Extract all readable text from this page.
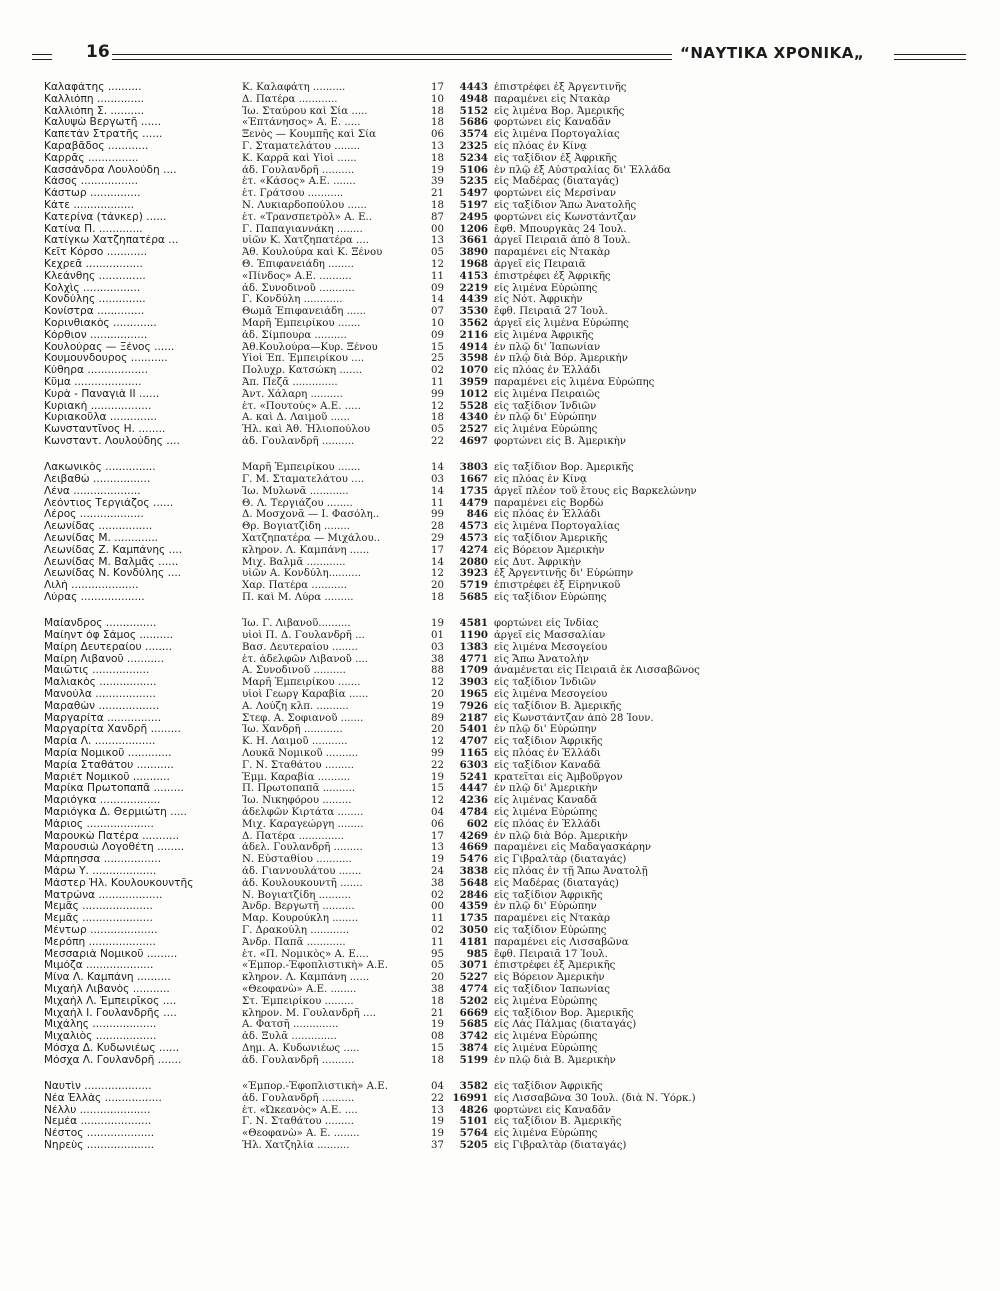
16	“ΝΑΥΤΙΚΑ ΧΡΟΝΙΚΑ„
Καλαφάτης ..........	Κ. Καλαφάτη ..........	17	4443 ἐπιστρέφει ἐξ Ἀργεντινῆς
Καλλιόπη ..............	Δ. Πατέρα ............	10	4948 παραμένει εἰς Ντακὰρ
Καλλιόπη Σ. ..........	Ἰω. Σταύρου καὶ Σία .....	18	5152 εἰς λιμένα Βορ. Ἀμερικῆς
Καλυψὼ Βεργωτῆ ......	«Ἑπτάνησος» Α. Ε. .....	18	5686 φορτώνει εἰς Καναδᾶν
Καπετὰν Στρατῆς ......	Ξενὸς — Κουμπῆς καὶ Σία	06	3574 εἰς λιμένα Πορτογαλίας
Καραβᾶδος ............	Γ. Σταματελάτου ........	13	2325 εἰς πλόας ἐν Κίνᾳ
Καρρᾶς ...............	Κ. Καρρᾶ καὶ Υἱοὶ ......	18	5234 εἰς ταξίδιον ἐξ Ἀφρικῆς
Κασσάνδρα Λουλούδη ....	ἀδ. Γουλανδρῆ ..........	19	5106 ἐν πλῷ ἐξ Αὐστραλίας δι' Ἑλλάδα
Κάσος .................	ἑτ. «Κάσος» Α.Ε. .......	39	5235 εἰς Μαδέρας (διαταγάς)
Κάστωρ ...............	ἑτ. Γράτσου ...........	21	5497 φορτώνει εἰς Μερσίναν
Κάτε ..................	Ν. Λυκιαρδοπούλου ......	18	5197 εἰς ταξίδιον Ἄπω Ἀνατολῆς
Κατερίνα (τάνκερ) ......	ἑτ. «Τρανσπετρὸλ» Α. Ε..	87	2495 φορτώνει εἰς Κωνστάντζαν
Κατίνα Π. .............	Γ. Παπαγιαννάκη ........	00	1206 ἔφθ. Μπουργκὰς 24 Ἰουλ.
Κατίγκω Χατζηπατέρα ...	υἱῶν Κ. Χατζηπατέρα ....	13	3661 ἀργεῖ Πειραιᾶ ἀπὸ 8 Ἰουλ.
Κεῖτ Κόρσο ............	Ἀθ. Κουλούρα καὶ Κ. Ξένου	05	3890 παραμένει εἰς Ντακὰρ
Κεχρεᾶ .................	Θ. Ἐπιφανειάδη ........	12	1968 ἀργεῖ εἰς Πειραιᾶ
Κλεάνθης ..............	«Πίνδος» Α.Ε. ..........	11	4153 ἐπιστρέφει ἐξ Ἀφρικῆς
Κολχὶς .................	ἀδ. Συνοδινοῦ ...........	09	2219 εἰς λιμένα Εὐρώπης
Κονδύλης ..............	Γ. Κονδύλη ............	14	4439 εἰς Νότ. Ἀφρικὴν
Κονίστρα ..............	Θωμᾶ Ἐπιφανειάδη ......	07	3530 ἔφθ. Πειραιᾶ 27 Ἰουλ.
Κορινθιακὸς .............	Μαρῆ Ἐμπειρίκου .......	10	3562 ἀργεῖ εἰς λιμένα Εὐρώπης
Κόρθιον .................	ἀδ. Σίμπουρα ..........	09	2116 εἰς λιμένα Ἀφρικῆς
Κουλούρας — Ξένος ......	Ἀθ.Κουλούρα—Κυρ. Ξένου	15	4914 ἐν πλῷ δι' Ἰαπωνίαν
Κουμουνδουρος ...........	Υἱοὶ Ἐπ. Ἐμπειρίκου ....	25	3598 ἐν πλῷ διὰ Βόρ. Ἀμερικήν
Κύθηρα ..................	Πολυχρ. Κατσώκη .......	02	1070 εἰς πλόας ἐν Ἑλλάδι
Κῦμα ....................	Ἀπ. Πεζᾶ ..............	11	3959 παραμένει εἰς λιμένα Εὐρώπης
Κυρὰ - Παναγιὰ ΙΙ ......	Ἀντ. Χάλαρη ..........	99	1012 εἰς λιμένα Πειραιῶς
Κυριακὴ ..................	ἑτ. «Πουτούς» Α.Ε. .....	12	5528 εἰς ταξίδιον Ἰνδιῶν
Κυριακοῦλα ..............	Α. καὶ Δ. Λαιμοῦ ......	18	4340 ἐν πλῷ δι' Εὐρώπην
Κωνσταντῖνος Η. ........	Ἠλ. καὶ Ἀθ. Ἠλιοπούλου	05	2527 εἰς λιμένα Εὐρώπης
Κωνσταντ. Λουλούδης ....	ἀδ. Γουλανδρῆ ..........	22	4697 φορτώνει εἰς Β. Ἀμερικὴν
Λακωνικὸς ...............	Μαρῆ Ἐμπειρίκου .......	14	3803 εἰς ταξίδιον Βορ. Ἀμερικῆς
Λειβαθὼ .................	Γ. Μ. Σταματελάτου ....	03	1667 εἰς πλόας ἐν Κίνᾳ
Λένα ....................	Ἰω. Μυλωνᾶ ............	14	1735 ἀργεῖ πλέον τοῦ ἔτους εἰς Βαρκελώνην
Λεόντιος Τεργιάζος ......	Θ. Λ. Τεργιάζου ........	11	4479 παραμένει εἰς Βορδὼ
Λέρος ...................	Δ. Μοσχονᾶ — Ι. Φασόλη..	99	846 εἰς πλόας ἐν Ἑλλάδι
Λεωνίδας ................	Θρ. Βογιατζίδη ........	28	4573 εἰς λιμένα Πορτογαλίας
Λεωνίδας Μ. .............	Χατζηπατέρα — Μιχάλου..	29	4573 εἰς ταξίδιον Ἀμερικῆς
Λεωνίδας Ζ. Καμπάνης ....	κληρον. Λ. Καμπάνη ......	17	4274 εἰς Βόρειον Ἀμερικὴν
Λεωνίδας Μ. Βαλμᾶς ......	Μιχ. Βαλμᾶ ............	14	2080 εἰς Δυτ. Ἀφρικὴν
Λεωνίδας Ν. Κονδύλης ....	υἱῶν Α. Κονδύλη..........	12	3923 ἐξ Ἀργεντινῆς δι' Εὐρώπην
Λιλὴ ....................	Χαρ. Πατέρα ...........	20	5719 ἐπιστρέφει ἐξ Εἰρηνικοῦ
Λύρας ...................	Π. καὶ Μ. Λύρα .........	18	5685 εἰς ταξίδιον Εὐρώπης
Μαίανδρος ...............	Ἰω. Γ. Λιβανοῦ..........	19	4581 φορτώνει εἰς Ἰνδίας
Μαίηντ ὀφ Σάμος ..........	υἱοὶ Π. Δ. Γουλανδρῆ ...	01	1190 ἀργεῖ εἰς Μασσαλίαν
Μαίρη Δευτεραίου ........	Βασ. Δευτεραίου ........	03	1383 εἰς λιμένα Μεσογείου
Μαίρη Λιβανοῦ ...........	ἑτ. ἀδελφῶν Λιβανοῦ ....	38	4771 εἰς Ἄπω Ἀνατολὴν
Μαιῶτις .................	Α. Συνοδινοῦ ..........	88	1709 ἀναμένεται εἰς Πειραιᾶ ἐκ Λισσαβῶνος
Μαλιακὸς .................	Μαρῆ Ἐμπειρίκου .......	12	3903 εἰς ταξίδιον Ἰνδιῶν
Μανούλα ..................	υἱοὶ Γεωργ Καραβία ......	20	1965 εἰς λιμένα Μεσογείου
Μαραθὼν ..................	Α. Λούζη κλπ. ..........	19	7926 εἰς ταξίδιον Β. Ἀμερικῆς
Μαργαρίτα ................	Στεφ. Α. Σοφιανοῦ .......	89	2187 εἰς Κωνστάντζαν ἀπὸ 28 Ἰουν.
Μαργαρίτα Χανδρῆ .........	Ἰω. Χανδρῆ ............	20	5401 ἐν πλῷ δι' Εὐρώπην
Μαρία Λ. ..................	Κ. Η. Λαιμοῦ ...........	12	4707 εἰς ταξίδιον Ἀφρικῆς
Μαρία Νομικοῦ .............	Λουκᾶ Νομικοῦ ..........	99	1165 εἰς πλόας ἐν Ἑλλάδι
Μαρία Σταθάτου ...........	Γ. Ν. Σταθάτου .........	22	6303 εἰς ταξίδιον Καναδᾶ
Μαριὲτ Νομικοῦ ...........	Ἐμμ. Καραβία ..........	19	5241 κρατεῖται εἰς Ἀμβοῦργον
Μαρίκα Πρωτοπαπᾶ .........	Π. Πρωτοπαπᾶ ..........	15	4447 ἐν πλῷ δι' Ἀμερικὴν
Μαριόγκα ..................	Ἰω. Νικηφόρου .........	12	4236 εἰς λιμένας Καναδᾶ
Μαριόγκα Δ. Θερμιώτη .....	ἀδελφῶν Κιρτάτα ........	04	4784 εἰς λιμένα Εὐρώπης
Μάριος ....................	Μιχ. Καραγεώργη ........	06	602 εἰς πλόας ἐν Ἑλλάδι
Μαρουκὼ Πατέρα ...........	Δ. Πατέρα ..............	17	4269 ἐν πλῷ διὰ Βόρ. Ἀμερικὴν
Μαρουσιὼ Λογοθέτη ........	ἀδελ. Γουλανδρῆ .........	13	4669 παραμένει εἰς Μαδαγασκάρην
Μάρπησσα .................	Ν. Εὐσταθίου ...........	19	5476 εἰς Γιβραλτὰρ (διαταγάς)
Μάρω Υ. ...................	ἀδ. Γιαννουλάτου .......	24	3838 εἰς πλόας ἐν τῇ Ἄπω Ἀνατολῇ
Μάστερ Ἠλ. Κουλουκουντῆς	ἀδ. Κουλουκουντῆ .......	38	5648 εἰς Μαδέρας (διαταγάς)
Ματρώνα ...................	Ν. Βογιατζίδη ..........	02	2846 εἰς ταξίδιον Ἀφρικῆς
Μεμᾶς .....................	Ἀνδρ. Βεργωτῆ ..........	00	4359 ἐν πλῷ δι' Εὐρώπην
Μεμᾶς .....................	Μαρ. Κουρούκλη ........	11	1735 παραμένει εἰς Ντακὰρ
Μέντωρ ....................	Γ. Δρακούλη ............	02	3050 εἰς ταξίδιον Εὐρώπης
Μερόπη ....................	Ἀνδρ. Παπᾶ ............	11	4181 παραμένει εἰς Λισσαβῶνα
Μεσσαριὰ Νομικοῦ .........	ἑτ. «Π. Νομικὸς» Α. Ε....	95	985 ἔφθ. Πειραιᾶ 17 Ἰουλ.
Μιμόζα ....................	«Ἐμπορ.-Ἐφοπλιστικὴ» Α.Ε.	05	3071 ἐπιστρέφει ἐξ Ἀμερικῆς
Μίνα Λ. Καμπάνη ..........	κληρον. Λ. Καμπάνη ......	20	5227 εἰς Βόρειον Ἀμερικὴν
Μιχαὴλ Λιβανὸς ...........	«Θεοφανὼ» Α.Ε. ........	38	4774 εἰς ταξίδιον Ἰαπωνίας
Μιχαὴλ Λ. Ἐμπειρῖκος ....	Στ. Ἐμπειρίκου .........	18	5202 εἰς λιμένα Εὐρώπης
Μιχαὴλ Ι. Γουλανδρῆς ....	κληρον. Μ. Γουλανδρῆ ....	21	6669 εἰς ταξίδιον Βορ. Ἀμερικῆς
Μιχάλης ...................	Α. Φατσῆ ..............	19	5685 εἰς Λὰς Πάλμας (διαταγάς)
Μιχαλιὸς ..................	ἀδ. Ξυλᾶ ..............	08	3742 εἰς λιμένα Εὐρώπης
Μόσχα Δ. Κυδωνιέως ......	Δημ. Α. Κυδωνιέως .....	15	3874 εἰς λιμένα Εὐρώπης
Μόσχα Λ. Γουλανδρῆ .......	ἀδ. Γουλανδρῆ ..........	18	5199 ἐν πλῷ διὰ Β. Ἀμερικὴν
Ναυτὶν ....................	«Ἐμπορ.-Ἐφοπλιστικὴ» Α.Ε.	04	3582 εἰς ταξίδιον Ἀφρικῆς
Νέα Ἑλλὰς .................	ἀδ. Γουλανδρῆ ..........	22 16991 εἰς Λισσαβῶνα 30 Ἰουλ. (διὰ Ν. Ὑόρκ.)
Νέλλυ .....................	ἑτ. «Ὠκεανὸς» Α.Ε. ....	13	4826 φορτώνει εἰς Καναδᾶν
Νεμέα .....................	Γ. Ν. Σταθάτου .........	19	5101 εἰς ταξίδιον Β. Ἀμερικῆς
Νέστος ....................	«Θεοφανὼ» Α. Ε. ........	19	5764 εἰς λιμένα Εὐρώπης
Νηρεὺς ....................	Ἠλ. Χατζηλία ..........	37	5205 εἰς Γιβραλτὰρ (διαταγάς)
